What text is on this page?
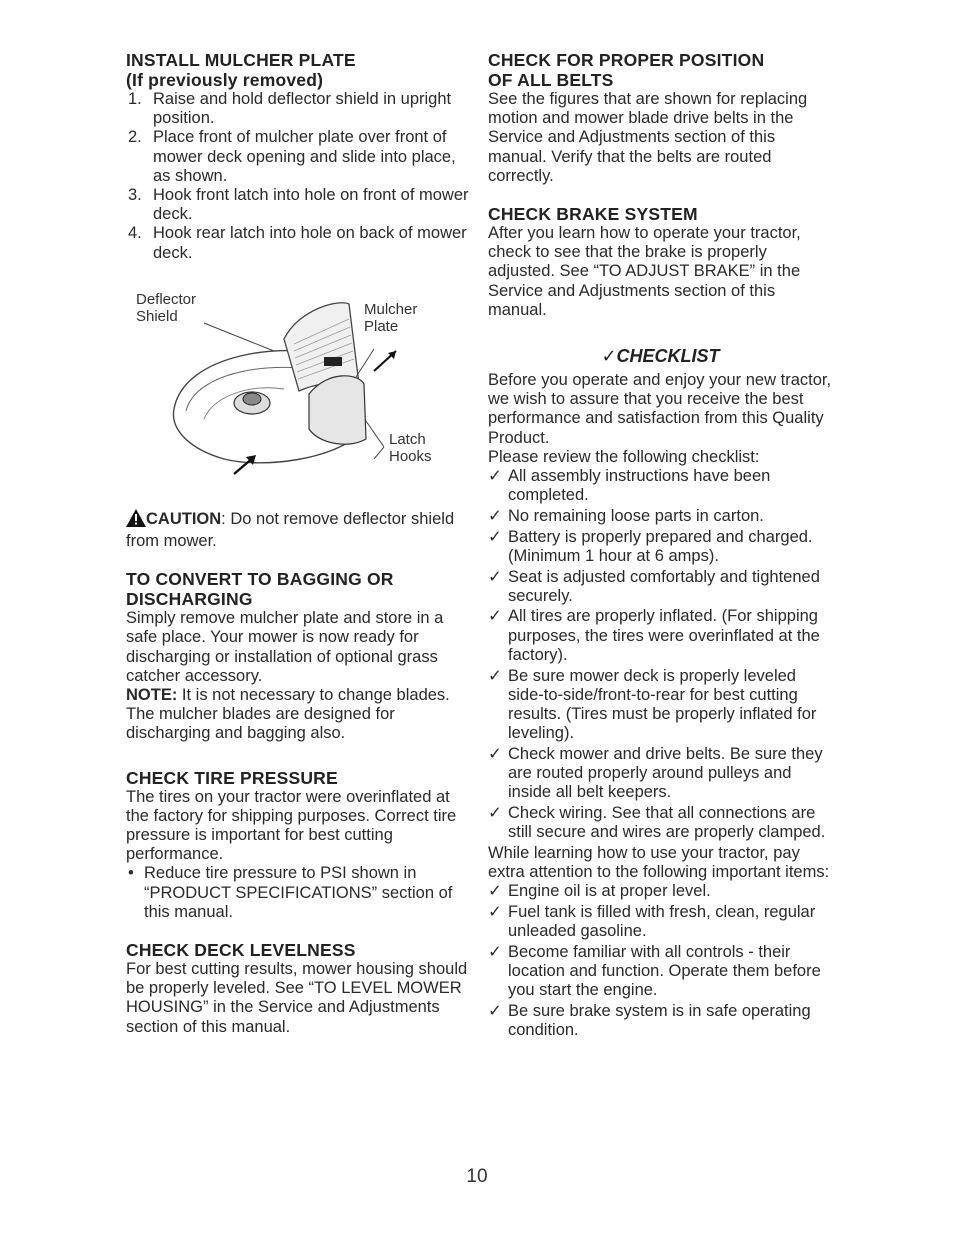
INSTALL MULCHER PLATE
(If previously removed)
1. Raise and hold deflector shield in upright position.
2. Place front of mulcher plate over front of mower deck opening and slide into place, as shown.
3. Hook front latch into hole on front of mower deck.
4. Hook rear latch into hole on back of mower deck.
Deflector
Shield	Mulcher
Plate
Latch
Hooks

CAUTION: Do not remove deflector shield from mower.

TO CONVERT TO BAGGING OR
DISCHARGING

Simply remove mulcher plate and store in a safe place. Your mower is now ready for discharging or installation of optional grass catcher accessory.

NOTE: It is not necessary to change blades. The mulcher blades are designed for discharging and bagging also.

CHECK TIRE PRESSURE

The tires on your tractor were overinflated at the factory for shipping purposes. Correct tire pressure is important for best cutting performance.

• Reduce tire pressure to PSI shown in “PRODUCT SPECIFICATIONS” section of this manual.
CHECK DECK LEVELNESS

For best cutting results, mower housing should be properly leveled. See “TO LEVEL MOWER HOUSING” in the Service and Adjustments section of this manual.

CHECK FOR PROPER POSITION
OF ALL BELTS

See the figures that are shown for replacing motion and mower blade drive belts in the Service and Adjustments section of this manual. Verify that the belts are routed correctly.

CHECK BRAKE SYSTEM

After you learn how to operate your tractor, check to see that the brake is properly adjusted. See “TO ADJUST BRAKE” in the Service and Adjustments section of this manual.

✓CHECKLIST

Before you operate and enjoy your new tractor, we wish to assure that you receive the best performance and satisfaction from this Quality Product.

Please review the following checklist:

✓ All assembly instructions have been completed.
✓ No remaining loose parts in carton.
✓ Battery is properly prepared and charged. (Minimum 1 hour at 6 amps).
✓ Seat is adjusted comfortably and tightened securely.
✓ All tires are properly inflated. (For shipping purposes, the tires were overinflated at the factory).
✓ Be sure mower deck is properly leveled side-to-side/front-to-rear for best cutting results. (Tires must be properly inflated for leveling).
✓ Check mower and drive belts. Be sure they are routed properly around pulleys and inside all belt keepers.
✓ Check wiring. See that all connections are still secure and wires are properly clamped.

While learning how to use your tractor, pay extra attention to the following important items:

✓ Engine oil is at proper level.
✓ Fuel tank is filled with fresh, clean, regular unleaded gasoline.
✓ Become familiar with all controls - their location and function. Operate them before you start the engine.
✓ Be sure brake system is in safe operating condition.
10
